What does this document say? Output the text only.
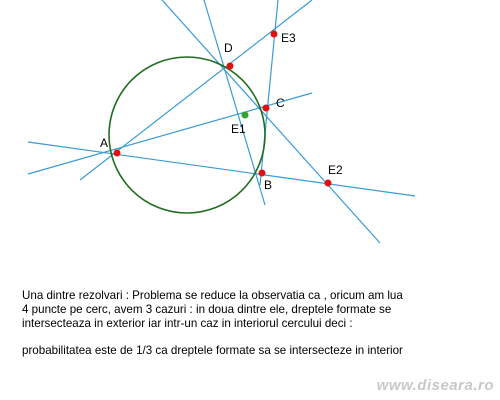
A
B
C
D
E1
E2
E3

Una dintre rezolvari : Problema se reduce la observatia ca , oricum am lua

4 puncte pe cerc, avem 3 cazuri : in doua dintre ele, dreptele formate se

intersecteaza in exterior iar intr-un caz in interiorul cercului deci :

probabilitatea este de 1/3 ca dreptele formate sa se intersecteze in interior

www.diseara.ro
